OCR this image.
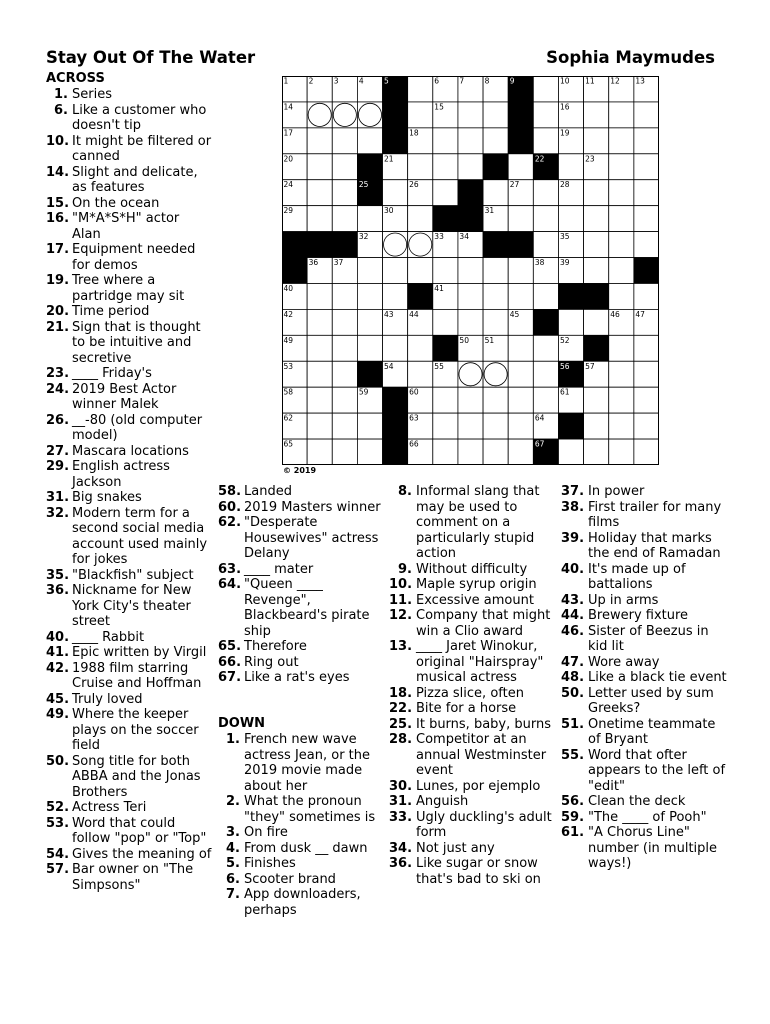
Stay Out Of The Water	Sophia Maymudes
ACROSS
1. Series
6. Like a customer who doesn't tip
10. It might be filtered or canned
14. Slight and delicate, as features
15. On the ocean
16. "M*A*S*H" actor Alan
17. Equipment needed for demos
19. Tree where a partridge may sit
20. Time period
21. Sign that is thought to be intuitive and secretive
23. ____ Friday's
24. 2019 Best Actor winner Malek
26. __-80 (old computer model)
27. Mascara locations
29. English actress Jackson
31. Big snakes
32. Modern term for a second social media account used mainly for jokes
35. "Blackfish" subject
36. Nickname for New York City's theater street
40. ____ Rabbit
41. Epic written by Virgil
42. 1988 film starring Cruise and Hoffman
45. Truly loved
49. Where the keeper plays on the soccer field
50. Song title for both ABBA and the Jonas Brothers
52. Actress Teri
53. Word that could follow "pop" or "Top"
54. Gives the meaning of
57. Bar owner on "The Simpsons"
58. Landed
60. 2019 Masters winner
62. "Desperate Housewives" actress Delany
63. ____ mater
64. "Queen ____ Revenge", Blackbeard's pirate ship
65. Therefore
66. Ring out
67. Like a rat's eyes
DOWN
1. French new wave actress Jean, or the 2019 movie made about her
2. What the pronoun "they" sometimes is
3. On fire
4. From dusk __ dawn
5. Finishes
6. Scooter brand
7. App downloaders, perhaps
8. Informal slang that may be used to comment on a particularly stupid action
9. Without difficulty
10. Maple syrup origin
11. Excessive amount
12. Company that might win a Clio award
13. ____ Jaret Winokur, original "Hairspray" musical actress
18. Pizza slice, often
22. Bite for a horse
25. It burns, baby, burns
28. Competitor at an annual Westminster event
30. Lunes, por ejemplo
31. Anguish
33. Ugly duckling's adult form
34. Not just any
36. Like sugar or snow that's bad to ski on
37. In power
38. First trailer for many films
39. Holiday that marks the end of Ramadan
40. It's made up of battalions
43. Up in arms
44. Brewery fixture
46. Sister of Beezus in kid lit
47. Wore away
48. Like a black tie event
50. Letter used by sum Greeks?
51. Onetime teammate of Bryant
55. Word that ofter appears to the left of "edit"
56. Clean the deck
59. "The ____ of Pooh"
61. "A Chorus Line" number (in multiple ways!)
1	2	3	4	5	6	7	8	9	10 11 12 13
14	15	16
17	18	19
20	21	22	23
24	25	26	27	28
29	30	31
32	33 34	35
36 37	38 39
40	41
42	43 44	45	46 47
49	50 51	52
53	54	55	56 57
58	59	60	61
62	63	64
65	66	67
© 2019
